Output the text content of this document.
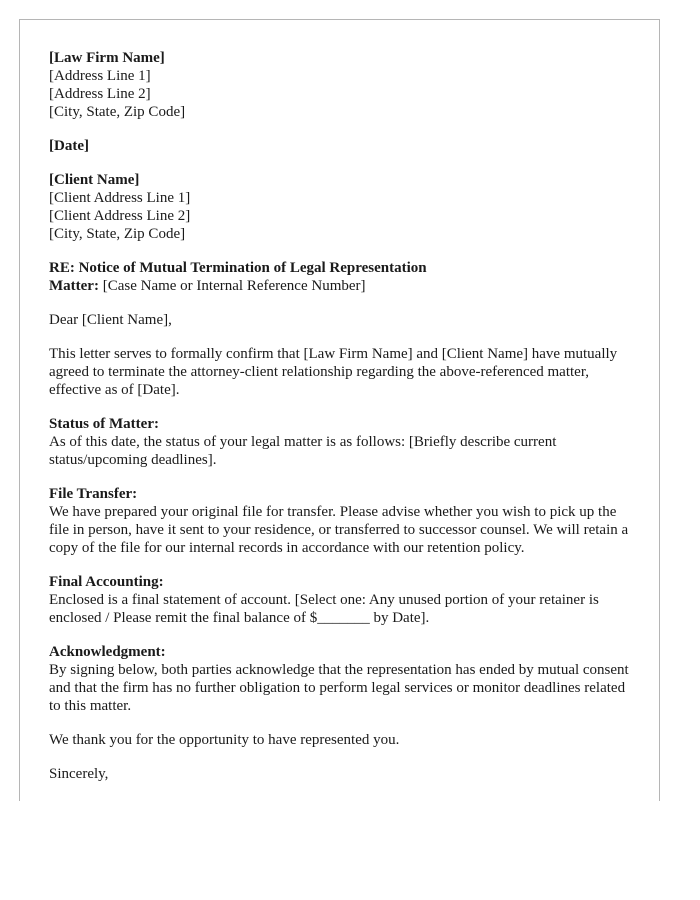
[Law Firm Name]
[Address Line 1]
[Address Line 2]
[City, State, Zip Code]
[Date]
[Client Name]
[Client Address Line 1]
[Client Address Line 2]
[City, State, Zip Code]
RE: Notice of Mutual Termination of Legal Representation
Matter: [Case Name or Internal Reference Number]

Dear [Client Name],

This letter serves to formally confirm that [Law Firm Name] and [Client Name] have mutually agreed to terminate the attorney-client relationship regarding the above-referenced matter, effective as of [Date].

Status of Matter:
As of this date, the status of your legal matter is as follows: [Briefly describe current status/upcoming deadlines].
File Transfer:
We have prepared your original file for transfer. Please advise whether you wish to pick up the file in person, have it sent to your residence, or transferred to successor counsel. We will retain a copy of the file for our internal records in accordance with our retention policy.
Final Accounting:
Enclosed is a final statement of account. [Select one: Any unused portion of your retainer is enclosed / Please remit the final balance of $_______ by Date].
Acknowledgment:
By signing below, both parties acknowledge that the representation has ended by mutual consent and that the firm has no further obligation to perform legal services or monitor deadlines related to this matter.

We thank you for the opportunity to have represented you.

Sincerely,
